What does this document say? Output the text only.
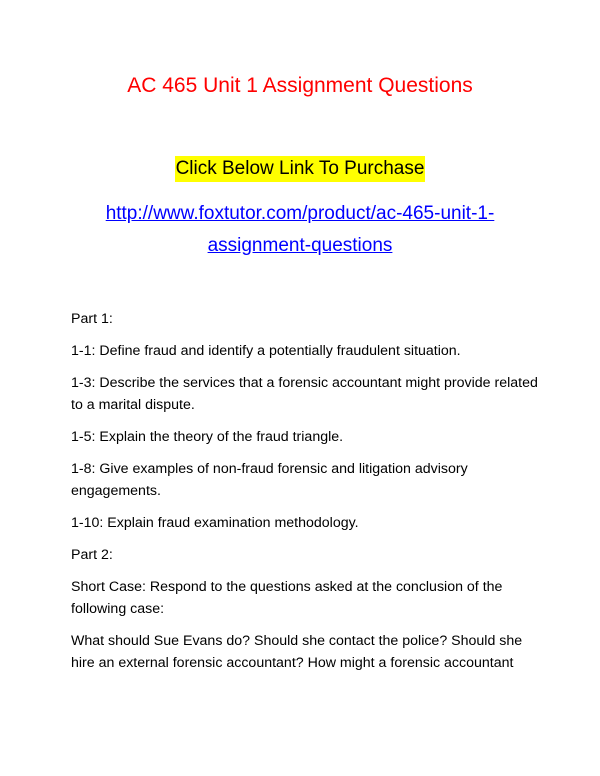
AC 465 Unit 1 Assignment Questions
Click Below Link To Purchase
http://www.foxtutor.com/product/ac-465-unit-1-assignment-questions

Part 1:

1-1: Define fraud and identify a potentially fraudulent situation.

1-3: Describe the services that a forensic accountant might provide related to a marital dispute.

1-5: Explain the theory of the fraud triangle.

1-8: Give examples of non-fraud forensic and litigation advisory engagements.

1-10: Explain fraud examination methodology.

Part 2:

Short Case: Respond to the questions asked at the conclusion of the following case:

What should Sue Evans do? Should she contact the police? Should she hire an external forensic accountant? How might a forensic accountant
